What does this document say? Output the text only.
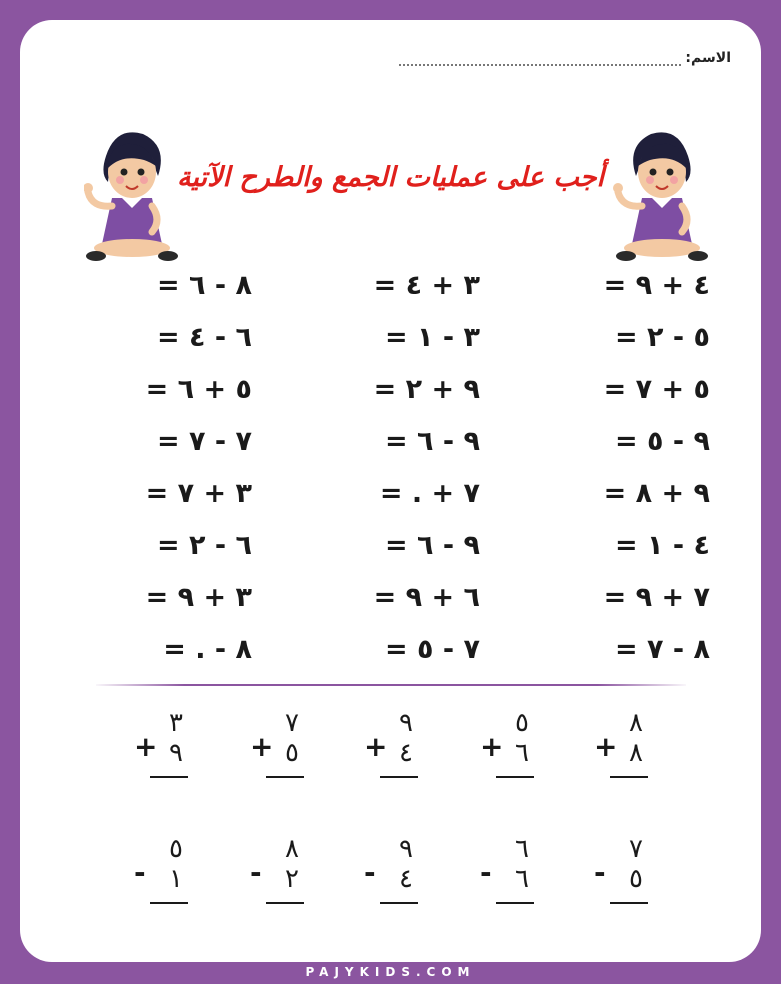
الاسم:
أجب على عمليات الجمع والطرح الآتية
٤ + ٩ =
٥ - ٢ =
٥ + ٧ =
٩ - ٥ =
٩ + ٨ =
٤ - ١ =
٧ + ٩ =
٨ - ٧ =
٣ + ٤ =
٣ - ١ =
٩ + ٢ =
٩ - ٦ =
٧ + . =
٩ - ٦ =
٦ + ٩ =
٧ - ٥ =
٨ - ٦ =
٦ - ٤ =
٥ + ٦ =
٧ - ٧ =
٣ + ٧ =
٦ - ٢ =
٣ + ٩ =
٨ - . =
+
٣
٩ +
٧
٥ +
٩
٤ +
٥
٦ +
٨
٨
-
٥
١ -
٨
٢ -
٩
٤ -
٦
٦ -
٧
٥
PAJYKIDS.COM
